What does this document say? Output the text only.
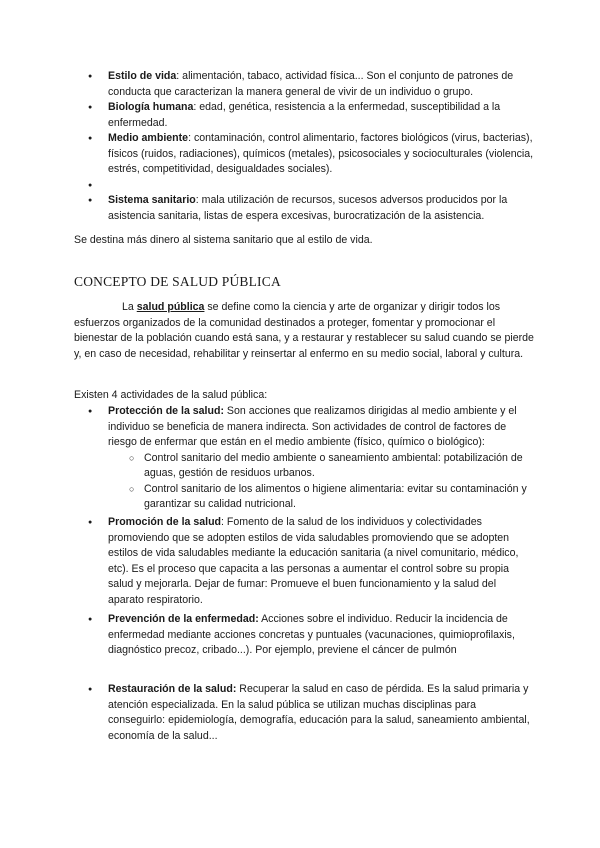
● Estilo de vida: alimentación, tabaco, actividad física... Son el conjunto de patrones de conducta que caracterizan la manera general de vivir de un individuo o grupo.
● Biología humana: edad, genética, resistencia a la enfermedad, susceptibilidad a la enfermedad.
● Medio ambiente: contaminación, control alimentario, factores biológicos (virus, bacterias), físicos (ruidos, radiaciones), químicos (metales), psicosociales y socioculturales (violencia, estrés, competitividad, desigualdades sociales).
●
● Sistema sanitario: mala utilización de recursos, sucesos adversos producidos por la asistencia sanitaria, listas de espera excesivas, burocratización de la asistencia.
Se destina más dinero al sistema sanitario que al estilo de vida.
CONCEPTO DE SALUD PÚBLICA
La salud pública se define como la ciencia y arte de organizar y dirigir todos los esfuerzos organizados de la comunidad destinados a proteger, fomentar y promocionar el bienestar de la población cuando está sana, y a restaurar y restablecer su salud cuando se pierde y, en caso de necesidad, rehabilitar y reinsertar al enfermo en su medio social, laboral y cultura.
Existen 4 actividades de la salud pública:
● Protección de la salud: Son acciones que realizamos dirigidas al medio ambiente y el individuo se beneficia de manera indirecta. Son actividades de control de factores de riesgo de enfermar que están en el medio ambiente (físico, químico o biológico):
○ Control sanitario del medio ambiente o saneamiento ambiental: potabilización de aguas, gestión de residuos urbanos.
○ Control sanitario de los alimentos o higiene alimentaria: evitar su contaminación y garantizar su calidad nutricional.
● Promoción de la salud: Fomento de la salud de los individuos y colectividades promoviendo que se adopten estilos de vida saludables promoviendo que se adopten estilos de vida saludables mediante la educación sanitaria (a nivel comunitario, médico, etc). Es el proceso que capacita a las personas a aumentar el control sobre su propia salud y mejorarla. Dejar de fumar: Promueve el buen funcionamiento y la salud del aparato respiratorio.
● Prevención de la enfermedad: Acciones sobre el individuo. Reducir la incidencia de enfermedad mediante acciones concretas y puntuales (vacunaciones, quimioprofilaxis, diagnóstico precoz, cribado...). Por ejemplo, previene el cáncer de pulmón
● Restauración de la salud: Recuperar la salud en caso de pérdida. Es la salud primaria y atención especializada. En la salud pública se utilizan muchas disciplinas para conseguirlo: epidemiología, demografía, educación para la salud, saneamiento ambiental, economía de la salud...
